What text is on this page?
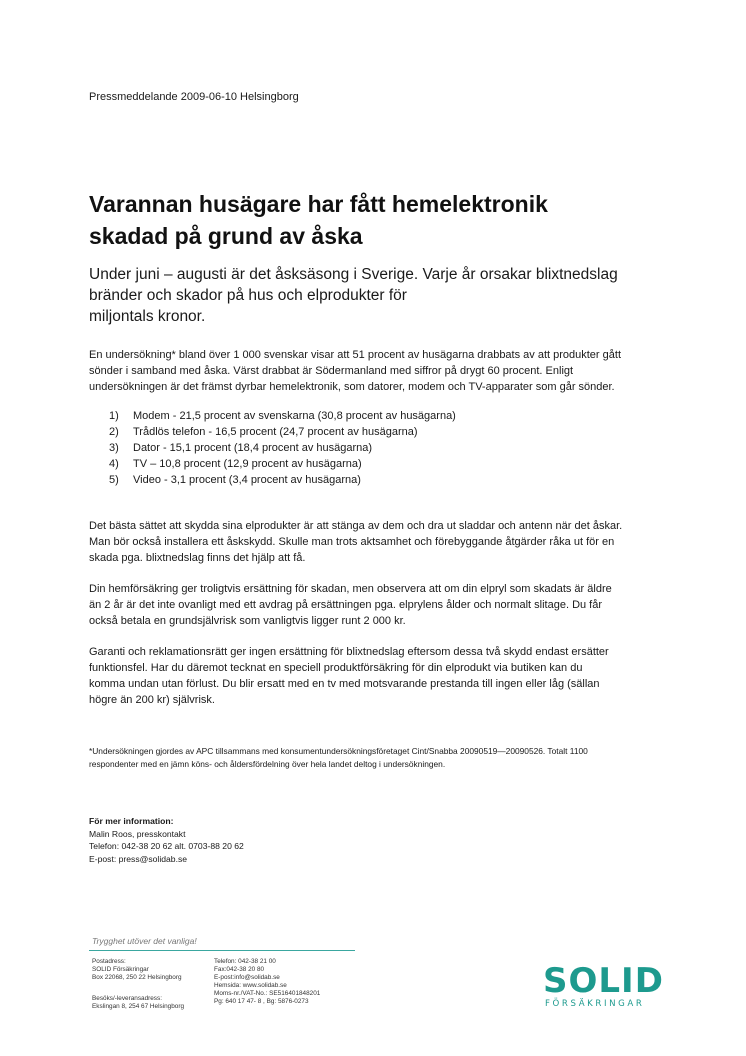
Pressmeddelande 2009-06-10 Helsingborg
Varannan husägare har fått hemelektronik
skadad på grund av åska

Under juni – augusti är det åsksäsong i Sverige. Varje år orsakar blixtnedslag
bränder och skador på hus och elprodukter för
miljontals kronor.

En undersökning* bland över 1 000 svenskar visar att 51 procent av husägarna drabbats av att produkter gått
sönder i samband med åska. Värst drabbat är Södermanland med siffror på drygt 60 procent. Enligt
undersökningen är det främst dyrbar hemelektronik, som datorer, modem och TV-apparater som går sönder.

1)	Modem - 21,5 procent av svenskarna (30,8 procent av husägarna)
2)	Trådlös telefon - 16,5 procent (24,7 procent av husägarna)
3)	Dator - 15,1 procent (18,4 procent av husägarna)
4)	TV – 10,8 procent (12,9 procent av husägarna)
5)	Video - 3,1 procent (3,4 procent av husägarna)

Det bästa sättet att skydda sina elprodukter är att stänga av dem och dra ut sladdar och antenn när det åskar.
Man bör också installera ett åskskydd. Skulle man trots aktsamhet och förebyggande åtgärder råka ut för en
skada pga. blixtnedslag finns det hjälp att få.

Din hemförsäkring ger troligtvis ersättning för skadan, men observera att om din elpryl som skadats är äldre
än 2 år är det inte ovanligt med ett avdrag på ersättningen pga. elprylens ålder och normalt slitage. Du får
också betala en grundsjälvrisk som vanligtvis ligger runt 2 000 kr.

Garanti och reklamationsrätt ger ingen ersättning för blixtnedslag eftersom dessa två skydd endast ersätter
funktionsfel. Har du däremot tecknat en speciell produktförsäkring för din elprodukt via butiken kan du
komma undan utan förlust. Du blir ersatt med en tv med motsvarande prestanda till ingen eller låg (sällan
högre än 200 kr) självrisk.

*Undersökningen gjordes av APC tillsammans med konsumentundersökningsföretaget Cint/Snabba 20090519—20090526. Totalt 1100
respondenter med en jämn köns- och åldersfördelning över hela landet deltog i undersökningen.

För mer information:
Malin Roos, presskontakt
Telefon: 042-38 20 62 alt. 0703-88 20 62
E-post: press@solidab.se
Trygghet utöver det vanliga!
Postadress:
SOLID Försäkringar
Box 22068, 250 22 Helsingborg
Besöks/-leveransadress:
Ekslingan 8, 254 67 Helsingborg
Telefon: 042-38 21 00
Fax:042-38 20 80
E-post:info@solidab.se
Hemsida: www.solidab.se
Moms-nr./VAT-No.: SE516401848201
Pg: 640 17 47- 8 , Bg: 5876-0273
SOLID
FÖRSÄKRINGAR
